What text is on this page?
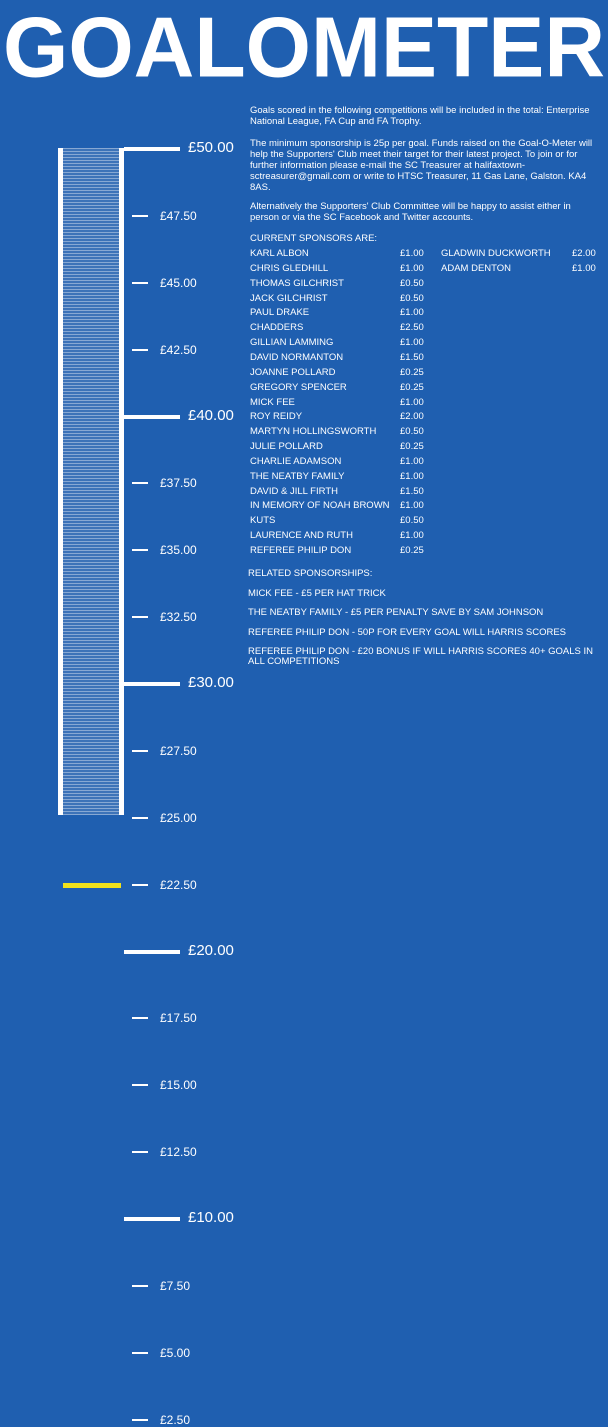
GOALOMETER
£50.00
£40.00
£30.00
£20.00
£10.00
£47.50
£45.00
£42.50
£37.50
£35.00
£32.50
£27.50
£25.00
£22.50
£17.50
£15.00
£12.50
£7.50
£5.00
£2.50
Goals scored in the following competitions will be included in the total: Enterprise National League, FA Cup and FA Trophy.
The minimum sponsorship is 25p per goal. Funds raised on the Goal-O-Meter will help the Supporters' Club meet their target for their latest project. To join or for further information please e-mail the SC Treasurer at halifaxtown-sctreasurer@gmail.com or write to HTSC Treasurer, 11 Gas Lane, Galston. KA4 8AS.
Alternatively the Supporters' Club Committee will be happy to assist either in person or via the SC Facebook and Twitter accounts.
CURRENT SPONSORS ARE:
KARL ALBON	£1.00
CHRIS GLEDHILL	£1.00
THOMAS GILCHRIST	£0.50
JACK GILCHRIST	£0.50
PAUL DRAKE	£1.00
CHADDERS	£2.50
GILLIAN LAMMING	£1.00
DAVID NORMANTON	£1.50
JOANNE POLLARD	£0.25
GREGORY SPENCER	£0.25
MICK FEE	£1.00
ROY REIDY	£2.00
MARTYN HOLLINGSWORTH £0.50
JULIE POLLARD	£0.25
CHARLIE ADAMSON	£1.00
THE NEATBY FAMILY	£1.00
DAVID & JILL FIRTH	£1.50
IN MEMORY OF NOAH BROWN £1.00
KUTS	£0.50
LAURENCE AND RUTH	£1.00
REFEREE PHILIP DON	£0.25
GLADWIN DUCKWORTH £2.00
ADAM DENTON	£1.00
RELATED SPONSORSHIPS:
MICK FEE - £5 PER HAT TRICK
THE NEATBY FAMILY - £5 PER PENALTY SAVE BY SAM JOHNSON
REFEREE PHILIP DON - 50P FOR EVERY GOAL WILL HARRIS SCORES
REFEREE PHILIP DON - £20 BONUS IF WILL HARRIS SCORES 40+ GOALS IN ALL COMPETITIONS
